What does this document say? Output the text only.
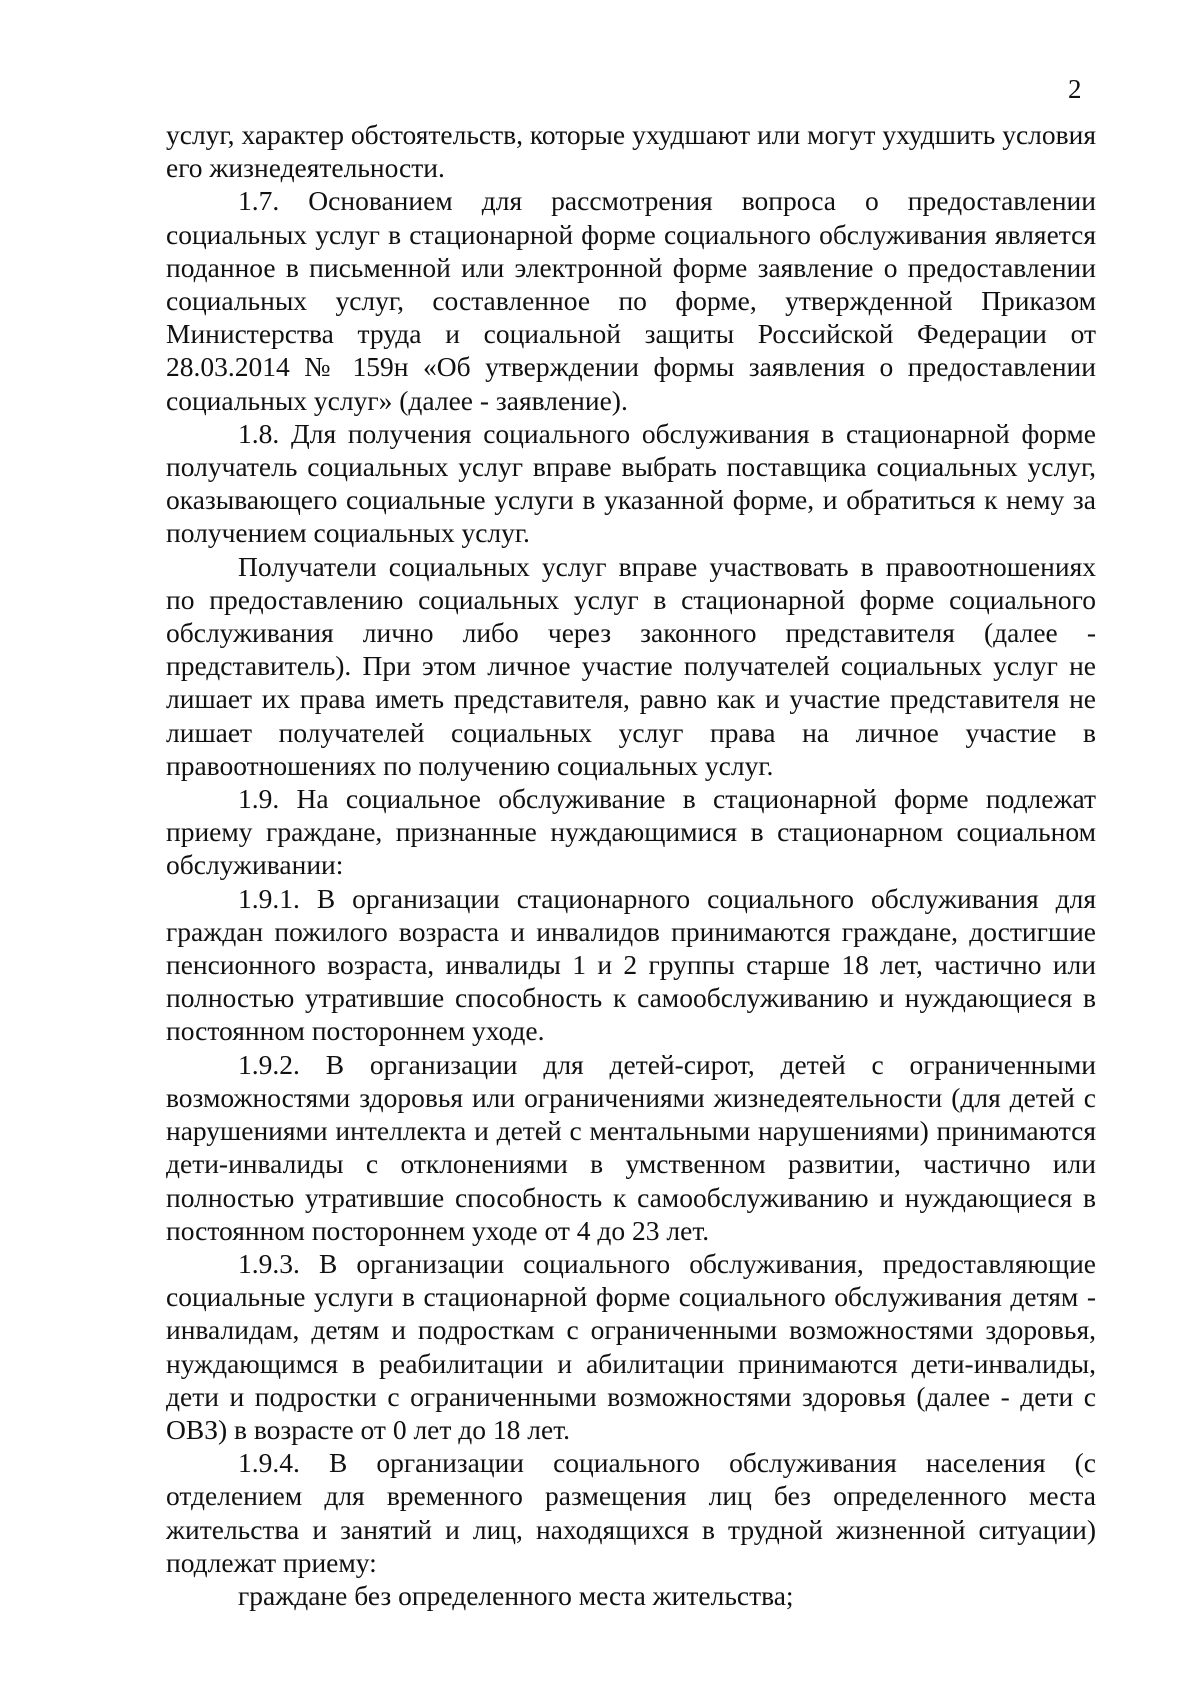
2

услуг, характер обстоятельств, которые ухудшают или могут ухудшить условия его жизнедеятельности.

1.7. Основанием для рассмотрения вопроса о предоставлении социальных услуг в стационарной форме социального обслуживания является поданное в письменной или электронной форме заявление о предоставлении социальных услуг, составленное по форме, утвержденной Приказом Министерства труда и социальной защиты Российской Федерации от 28.03.2014 № 159н «Об утверждении формы заявления о предоставлении социальных услуг» (далее - заявление).

1.8. Для получения социального обслуживания в стационарной форме получатель социальных услуг вправе выбрать поставщика социальных услуг, оказывающего социальные услуги в указанной форме, и обратиться к нему за получением социальных услуг.

Получатели социальных услуг вправе участвовать в правоотношениях по предоставлению социальных услуг в стационарной форме социального обслуживания лично либо через законного представителя (далее - представитель). При этом личное участие получателей социальных услуг не лишает их права иметь представителя, равно как и участие представителя не лишает получателей социальных услуг права на личное участие в правоотношениях по получению социальных услуг.

1.9. На социальное обслуживание в стационарной форме подлежат приему граждане, признанные нуждающимися в стационарном социальном обслуживании:

1.9.1. В организации стационарного социального обслуживания для граждан пожилого возраста и инвалидов принимаются граждане, достигшие пенсионного возраста, инвалиды 1 и 2 группы старше 18 лет, частично или полностью утратившие способность к самообслуживанию и нуждающиеся в постоянном постороннем уходе.

1.9.2. В организации для детей-сирот, детей с ограниченными возможностями здоровья или ограничениями жизнедеятельности (для детей с нарушениями интеллекта и детей с ментальными нарушениями) принимаются дети-инвалиды с отклонениями в умственном развитии, частично или полностью утратившие способность к самообслуживанию и нуждающиеся в постоянном постороннем уходе от 4 до 23 лет.

1.9.3. В организации социального обслуживания, предоставляющие социальные услуги в стационарной форме социального обслуживания детям - инвалидам, детям и подросткам с ограниченными возможностями здоровья, нуждающимся в реабилитации и абилитации принимаются дети-инвалиды, дети и подростки с ограниченными возможностями здоровья (далее - дети с ОВЗ) в возрасте от 0 лет до 18 лет.

1.9.4. В организации социального обслуживания населения (с отделением для временного размещения лиц без определенного места жительства и занятий и лиц, находящихся в трудной жизненной ситуации) подлежат приему:

граждане без определенного места жительства;
